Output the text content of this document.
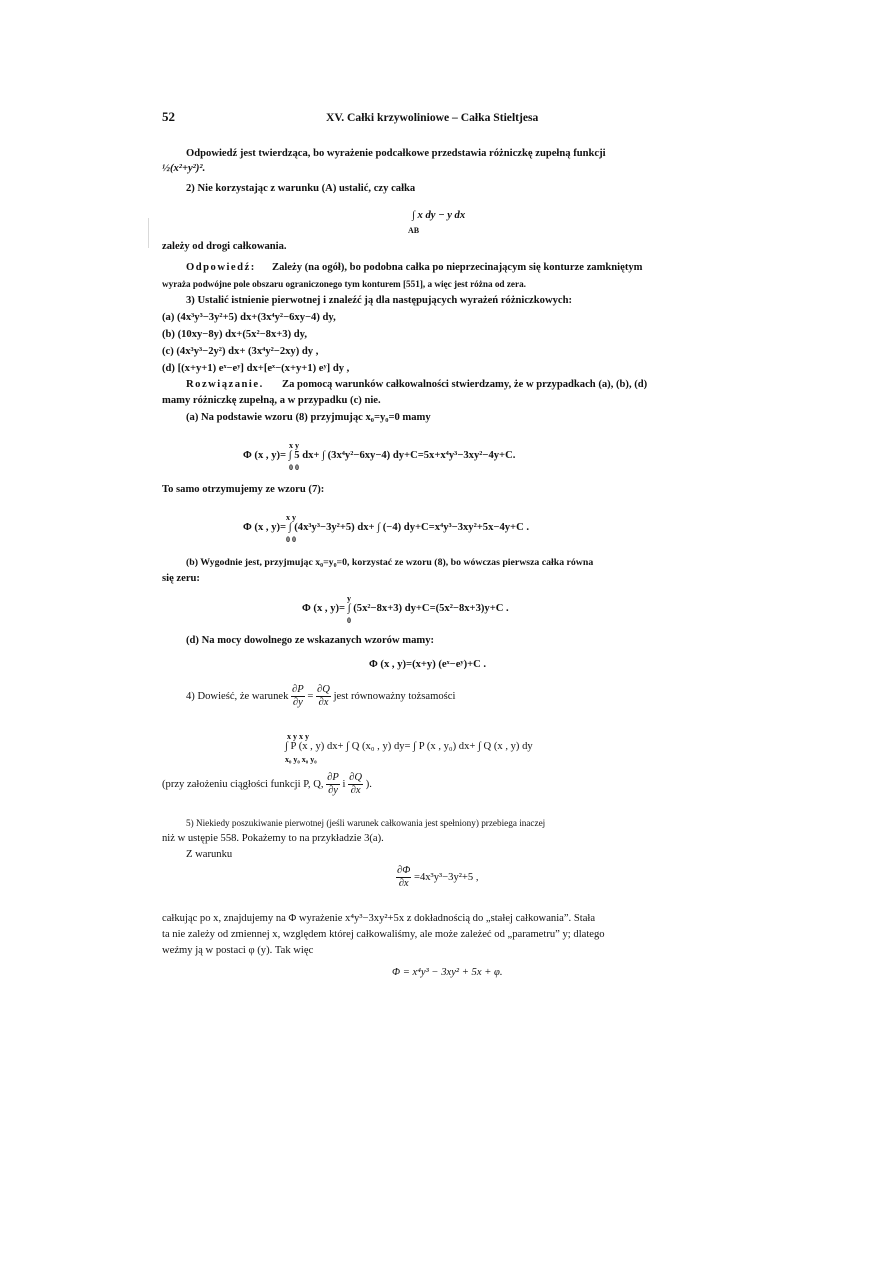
52	XV. Całki krzywoliniowe – Całka Stieltjesa
Odpowiedź jest twierdząca, bo wyrażenie podcałkowe przedstawia różniczkę zupełną funkcji
½(x²+y²)².
2) Nie korzystając z warunku (A) ustalić, czy całka
∫ x dy − y dx
AB
zależy od drogi całkowania.
Odpowiedź: Zależy (na ogół), bo podobna całka po nieprzecinającym się konturze zamkniętym
wyraża podwójne pole obszaru ograniczonego tym konturem [551], a więc jest różna od zera.
3) Ustalić istnienie pierwotnej i znaleźć ją dla następujących wyrażeń różniczkowych:
(a) (4x³y³−3y²+5) dx+(3x⁴y²−6xy−4) dy,
(b) (10xy−8y) dx+(5x²−8x+3) dy,
(c) (4x³y³−2y²) dx+ (3x⁴y²−2xy) dy ,
(d) [(x+y+1) eˣ−eʸ] dx+[eˣ−(x+y+1) eʸ] dy ,
Rozwiązanie. Za pomocą warunków całkowalności stwierdzamy, że w przypadkach (a), (b), (d)
mamy różniczkę zupełną, a w przypadku (c) nie.
(a) Na podstawie wzoru (8) przyjmując x₀=y₀=0 mamy
x y
Φ (x , y)= ∫ 5 dx+ ∫ (3x⁴y²−6xy−4) dy+C=5x+x⁴y³−3xy²−4y+C.
0 0
To samo otrzymujemy ze wzoru (7):
x y
Φ (x , y)= ∫ (4x³y³−3y²+5) dx+ ∫ (−4) dy+C=x⁴y³−3xy²+5x−4y+C .
0 0
(b) Wygodnie jest, przyjmując x₀=y₀=0, korzystać ze wzoru (8), bo wówczas pierwsza całka równa
się zeru:
y
Φ (x , y)= ∫ (5x²−8x+3) dy+C=(5x²−8x+3)y+C .
0
(d) Na mocy dowolnego ze wskazanych wzorów mamy:
Φ (x , y)=(x+y) (eˣ−eʸ)+C .
4) Dowieść, że warunek $\frac{\partial P}{\partial y} = \frac{\partial Q}{\partial x}$ jest równoważny tożsamości
x y x y
∫ P (x , y) dx+ ∫ Q (x₀ , y) dy= ∫ P (x , y₀) dx+ ∫ Q (x , y) dy
x₀ y₀ x₀ y₀
(przy założeniu ciągłości funkcji P, Q, $\frac{\partial P}{\partial y}$ i $\frac{\partial Q}{\partial x}$ ).
5) Niekiedy poszukiwanie pierwotnej (jeśli warunek całkowania jest spełniony) przebiega inaczej
niż w ustępie 558. Pokażemy to na przykładzie 3(a).
Z warunku
$\frac{\partial\Phi}{\partial x} =4x^3y^3-3y^2+5$ ,
całkując po x, znajdujemy na Φ wyrażenie x⁴y³−3xy²+5x z dokładnością do „stałej całkowania”. Stała
ta nie zależy od zmiennej x, względem której całkowaliśmy, ale może zależeć od „parametru” y; dlatego
weźmy ją w postaci φ (y). Tak więc
Φ = x⁴y³ − 3xy² + 5x + φ.
